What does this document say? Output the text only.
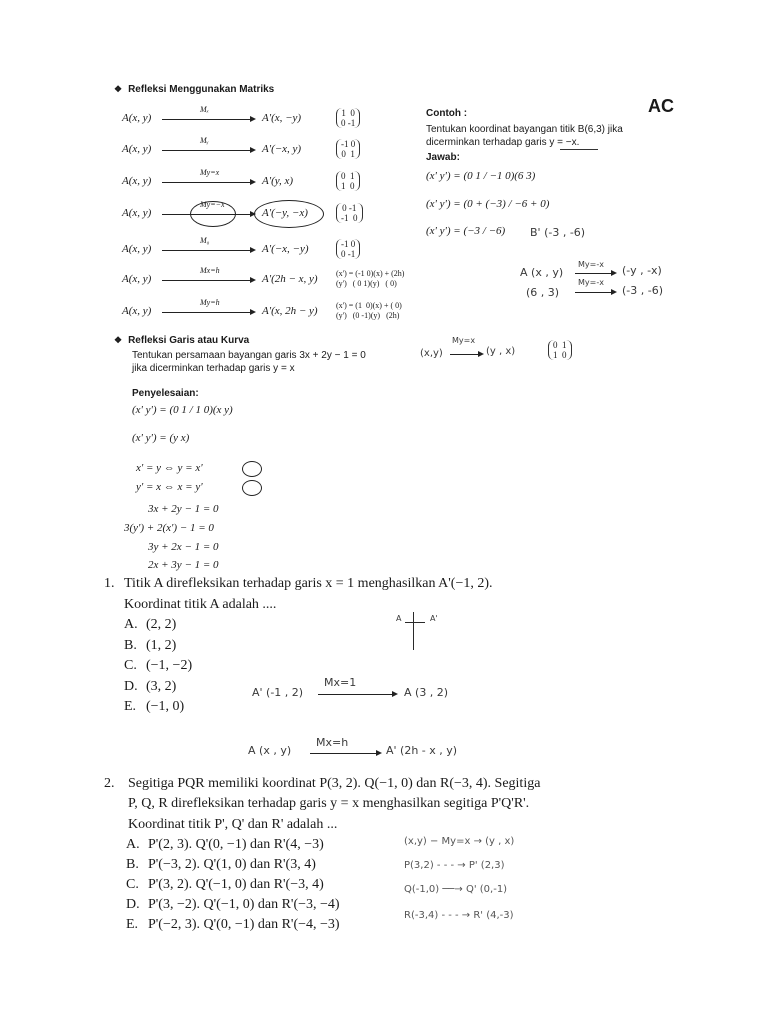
❖ Refleksi Menggunakan Matriks
A(x, y)
Mₓ
A'(x, −y)	1  0
0 -1
A(x, y)
Mᵧ
A'(−x, y)	-1 0
0  1
A(x, y)
My=x
A'(y, x)	0  1
1  0
A(x, y)
My=−x
A'(−y, −x)	0 -1
-1  0
A(x, y)
M₀
A'(−x, −y)	-1 0
0 -1
A(x, y)
Mx=h
A'(2h − x, y) (x') = (-1 0)(x) + (2h)
(y')   ( 0 1)(y)   ( 0)
A(x, y)
My=h
A'(x, 2h − y) (x') = (1  0)(x) + ( 0)
(y')   (0 -1)(y)   (2h)
Contoh :
Tentukan koordinat bayangan titik B(6,3) jika
dicerminkan terhadap garis y = −x.
Jawab:
(x' y') = (0 1 / −1 0)(6 3)
(x' y') = (0 + (−3) / −6 + 0)
(x' y') = (−3 / −6) B' (-3 , -6)
A (x , y)
My=-x (-y , -x)
(6 , 3)
My=-x
(-3 , -6)
AC
❖ Refleksi Garis atau Kurva
Tentukan persamaan bayangan garis 3x + 2y − 1 = 0
jika dicerminkan terhadap garis y = x
(x,y)
My=x
(y , x)
0  1
1  0
Penyelesaian:
(x' y') = (0 1 / 1 0)(x y)
(x' y') = (y x)
x' = y ⇔ y = x'
y' = x ⇔ x = y'
3x + 2y − 1 = 0
3(y') + 2(x') − 1 = 0
3y + 2x − 1 = 0
2x + 3y − 1 = 0
1. Titik A direfleksikan terhadap garis x = 1 menghasilkan A'(−1, 2).
Koordinat titik A adalah ....
A. (2, 2)
B. (1, 2)
C. (−1, −2)
D. (3, 2)
E. (−1, 0)
A	A'
A' (-1 , 2)
Mx=1
A (3 , 2)
A (x , y)
Mx=h
A' (2h - x , y)
2. Segitiga PQR memiliki koordinat P(3, 2). Q(−1, 0) dan R(−3, 4). Segitiga
P, Q, R direfleksikan terhadap garis y = x menghasilkan segitiga P'Q'R'.
Koordinat titik P', Q' dan R' adalah ...
A. P'(2, 3). Q'(0, −1) dan R'(4, −3)
B. P'(−3, 2). Q'(1, 0) dan R'(3, 4)
C. P'(3, 2). Q'(−1, 0) dan R'(−3, 4)
D. P'(3, −2). Q'(−1, 0) dan R'(−3, −4)
E. P'(−2, 3). Q'(0, −1) dan R'(−4, −3)
(x,y) − My=x → (y , x)
P(3,2) - - - → P' (2,3)
Q(-1,0) ──→ Q' (0,-1)
R(-3,4) - - - → R' (4,-3)
